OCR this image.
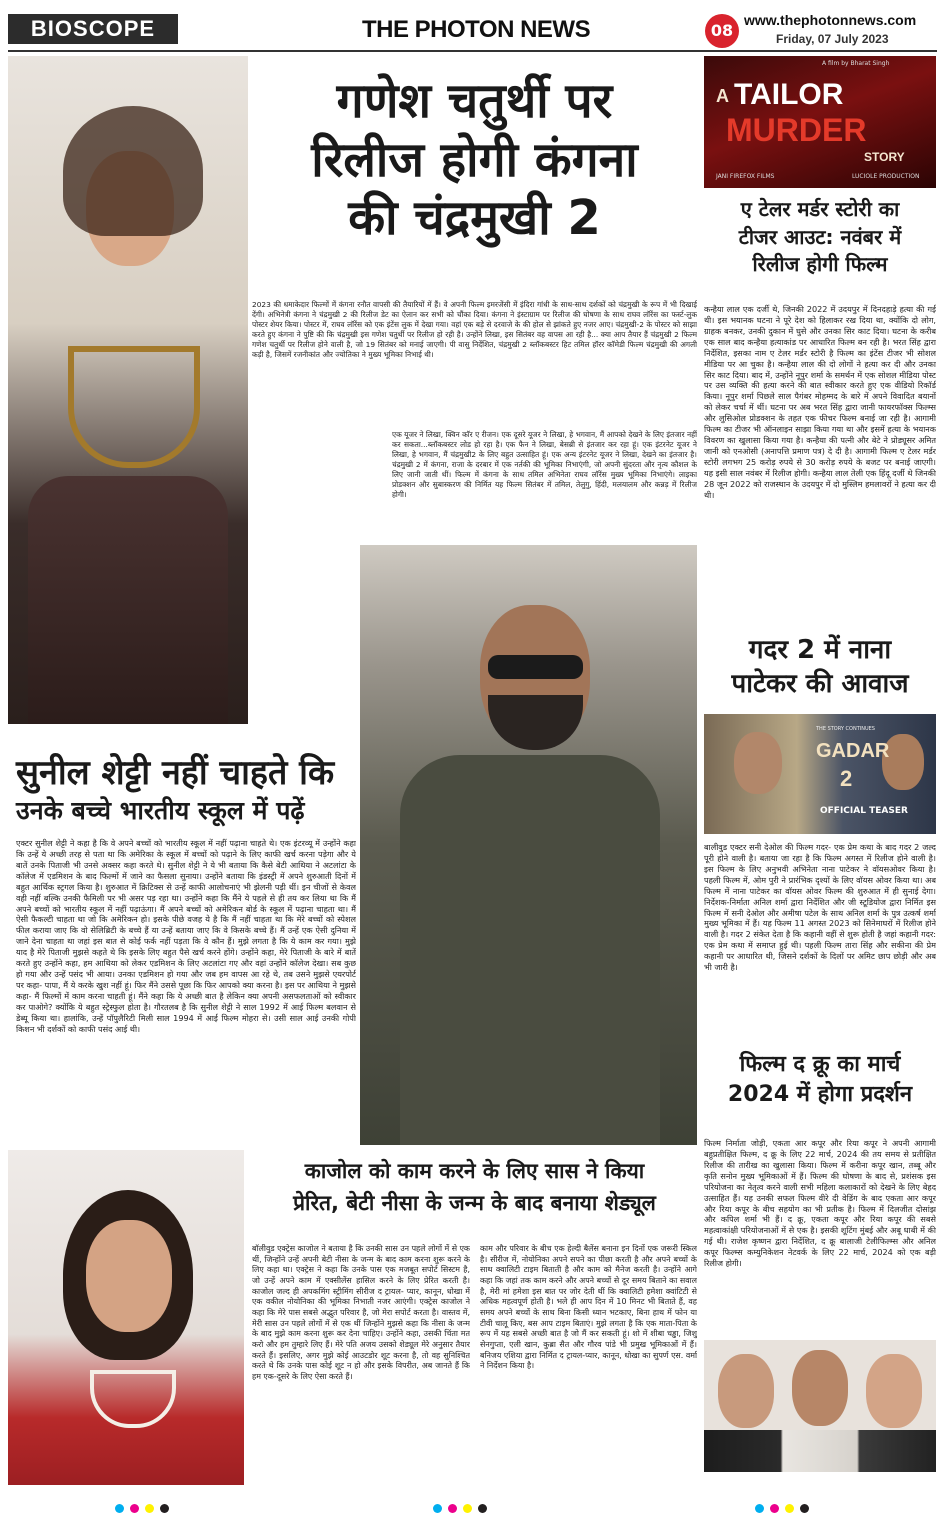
BIOSCOPE	THE PHOTON NEWS	08
www.thephotonnews.com
Friday, 07 July 2023
गणेश चतुर्थी पर
रिलीज होगी कंगना
की चंद्रमुखी 2
2023 की धमाकेदार फिल्मों में कंगना रनौत वापसी की तैयारियों में हैं। वे अपनी फिल्म इमरजेंसी में इंदिरा गांधी के साथ-साथ दर्शकों को चंद्रमुखी के रूप में भी दिखाई देंगी। अभिनेत्री कंगना ने चंद्रमुखी 2 की रिलीज डेट का ऐलान कर सभी को चौंका दिया। कंगना ने इंस्टाग्राम पर रिलीज की घोषणा के साथ राघव लॉरेंस का फर्स्ट-लुक पोस्टर शेयर किया। पोस्टर में, राघव लॉरेंस को एक इंटेंस लुक में देखा गया। वहां एक बड़े से दरवाजे के की होल से झांकते हुए नजर आए। चंद्रमुखी-2 के पोस्टर को साझा करते हुए कंगना ने पुष्टि की कि चंद्रमुखी इस गणेश चतुर्थी पर रिलीज हो रही है। उन्होंने लिखा, इस सितंबर वह वापस आ रही है... क्या आप तैयार हैं चंद्रमुखी 2 फिल्म गणेश चतुर्थी पर रिलीज होने वाली है, जो 19 सितंबर को मनाई जाएगी। पी वासु निर्देशित, चंद्रमुखी 2 ब्लॉकबस्टर हिट तमिल हॉरर कॉमेडी फिल्म चंद्रमुखी की अगली कड़ी है, जिसमें रजनीकांत और ज्योतिका ने मुख्य भूमिका निभाई थी।
एक यूजर ने लिखा, क्विन कॉर ए रीजन। एक दूसरे यूजर ने लिखा, हे भगवान, मैं आपको देखने के लिए इंतजार नहीं कर सकता...ब्लॉकबस्टर लोड हो रहा है। एक फैन ने लिखा, बेसब्री से इंतजार कर रहा हूं। एक इंटरनेट यूजर ने लिखा, हे भगवान, मैं चंद्रमुखी2 के लिए बहुत उत्साहित हूं। एक अन्य इंटरनेट यूजर ने लिखा, देखने का इंतजार है। चंद्रमुखी 2 में कंगना, राजा के दरबार में एक नर्तकी की भूमिका निभाएंगी, जो अपनी सुंदरता और नृत्य कौशल के लिए जानी जाती थीं। फिल्म में कंगना के साथ तमिल अभिनेता राघव लॉरेंस मुख्य भूमिका निभाएंगे। लाइका प्रोडक्शन और सुबास्करण की निर्मित यह फिल्म सितंबर में तमिल, तेलुगु, हिंदी, मलयालम और कन्नड़ में रिलीज होगी।
सुनील शेट्टी नहीं चाहते कि
उनके बच्चे भारतीय स्कूल में पढ़ें
एक्टर सुनील शेट्टी ने कहा है कि वे अपने बच्चों को भारतीय स्कूल में नहीं पढ़ाना चाहते थे। एक इंटरव्यू में उन्होंने कहा कि उन्हें ये अच्छी तरह से पता था कि अमेरिका के स्कूल में बच्चों को पढ़ाने के लिए काफी खर्च करना पड़ेगा और ये बातें उनके पिताजी भी उनसे अक्सर कहा करते थे। सुनील शेट्टी ने ये भी बताया कि कैसे बेटी आथिया ने अटलांटा के कॉलेज में एडमिशन के बाद फिल्मों में जाने का फैसला सुनाया। उन्होंने बताया कि इंडस्ट्री में अपने शुरुआती दिनों में बहुत आर्थिक स्ट्रगल किया है। शुरुआत में क्रिटिक्स से उन्हें काफी आलोचनाएं भी झेलनी पड़ी थीं। इन चीजों से केवल वही नहीं बल्कि उनकी फैमिली पर भी असर पड़ रहा था। उन्होंने कहा कि मैंने ये पहले से ही तय कर लिया था कि मैं अपने बच्चों को भारतीय स्कूल में नहीं पढ़ाऊंगा। मैं अपने बच्चों को अमेरिकन बोर्ड के स्कूल में पढ़ाना चाहता था। मैं ऐसी फैकल्टी चाहता था जो कि अमेरिकन हो। इसके पीछे वजह ये है कि मैं नहीं चाहता था कि मेरे बच्चों को स्पेशल फील कराया जाए कि वो सेलिब्रिटी के बच्चे हैं या उन्हें बताया जाए कि वे किसके बच्चे हैं। मैं उन्हें एक ऐसी दुनिया में जाने देना चाहता था जहां इस बात से कोई फर्क नहीं पड़ता कि वे कौन हैं। मुझे लगता है कि ये काम कर गया। मुझे याद है मेरे पिताजी मुझसे कहते थे कि इसके लिए बहुत पैसे खर्च करने होंगे। उन्होंने कहा, मेरे पिताजी के बारे में बातें करते हुए उन्होंने कहा, हम आथिया को लेकर एडमिशन के लिए अटलांटा गए और वहां उन्होंने कॉलेज देखा। सब कुछ हो गया और उन्हें पसंद भी आया। उनका एडमिशन हो गया और जब हम वापस आ रहे थे, तब उसने मुझसे एयरपोर्ट पर कहा- पापा, मैं ये करके खुश नहीं हूं। फिर मैंने उससे पूछा कि फिर आपको क्या करना है। इस पर आथिया ने मुझसे कहा- मैं फिल्मों में काम करना चाहती हूं। मैंने कहा कि ये अच्छी बात है लेकिन क्या अपनी असफलताओं को स्वीकार कर पाओगे? क्योंकि ये बहुत स्ट्रेस्फुल होता है। गौरतलब है कि सुनील शेट्टी ने साल 1992 में आई फिल्म बलवान से डेब्यू किया था। हालांकि, उन्हें पॉपुलैरिटी मिली साल 1994 में आई फिल्म मोहरा से। उसी साल आई उनकी गोपी किशन भी दर्शकों को काफी पसंद आई थी।
A film by Bharat Singh
A TAILOR
MURDER
STORY
JANI FIREFOX FILMS	LUCIOLE PRODUCTION
ए टेलर मर्डर स्टोरी का
टीजर आउट: नवंबर में
रिलीज होगी फिल्म
कन्हैया लाल एक दर्जी थे, जिनकी 2022 में उदयपुर में दिनदहाड़े हत्या की गई थी। इस भयानक घटना ने पूरे देश को हिलाकर रख दिया था, क्योंकि दो लोग, ग्राहक बनकर, उनकी दुकान में घुसे और उनका सिर काट दिया। घटना के करीब एक साल बाद कन्हैया हत्याकांड पर आधारित फिल्म बन रही है। भरत सिंह द्वारा निर्देशित, इसका नाम ए टेलर मर्डर स्टोरी है फिल्म का इंटेंस टीजर भी सोशल मीडिया पर आ चुका है। कन्हैया लाल की दो लोगों ने हत्या कर दी और उनका सिर काट दिया। बाद में, उन्होंने नूपुर शर्मा के समर्थन में एक सोशल मीडिया पोस्ट पर उस व्यक्ति की हत्या करने की बात स्वीकार करते हुए एक वीडियो रिकॉर्ड किया। नूपुर शर्मा पिछले साल पैगंबर मोहम्मद के बारे में अपने विवादित बयानों को लेकर चर्चा में थीं। घटना पर अब भरत सिंह द्वारा जानी फायरफॉक्स फिल्म्स और लुसिओल प्रोडक्शन के तहत एक फीचर फिल्म बनाई जा रही है। आगामी फिल्म का टीजर भी ऑनलाइन साझा किया गया था और इसमें हत्या के भयानक विवरण का खुलासा किया गया है। कन्हैया की पत्नी और बेटे ने प्रोड्यूसर अमित जानी को एनओसी (अनापत्ति प्रमाण पत्र) दे दी है। आगामी फिल्म ए टेलर मर्डर स्टोरी लगभग 25 करोड़ रुपये से 30 करोड़ रुपये के बजट पर बनाई जाएगी। यह इसी साल नवंबर में रिलीज होगी। कन्हैया लाल तेली एक हिंदू दर्जी थे जिनकी 28 जून 2022 को राजस्थान के उदयपुर में दो मुस्लिम हमलावरों ने हत्या कर दी थी।
गदर 2 में नाना
पाटेकर की आवाज
THE STORY CONTINUES
GADAR
2
OFFICIAL TEASER
बालीवुड एक्टर सनी देओल की फिल्म गदर- एक प्रेम कथा के बाद गदर 2 जल्द पूरी होने वाली है। बताया जा रहा है कि फिल्म अगस्त में रिलीज होने वाली है। इस फिल्म के लिए अनुभवी अभिनेता नाना पाटेकर ने वॉयसओवर किया है। पहली फिल्म में, ओम पुरी ने प्रारंभिक दृश्यों के लिए वॉयस ओवर किया था। अब फिल्म में नाना पाटेकर का वॉयस ओवर फिल्म की शुरुआत में ही सुनाई देगा। निर्देशक-निर्माता अनिल शर्मा द्वारा निर्देशित और जी स्टूडियोज द्वारा निर्मित इस फिल्म में सनी देओल और अमीषा पटेल के साथ अनिल शर्मा के पुत्र उत्कर्ष शर्मा मुख्य भूमिका में हैं। यह फिल्म 11 अगस्त 2023 को सिनेमाघरों में रिलीज होने वाली है। गदर 2 संकेत देता है कि कहानी वहीं से शुरू होती है जहां कहानी गदर: एक प्रेम कथा में समाप्त हुई थी। पहली फिल्म तारा सिंह और सकीना की प्रेम कहानी पर आधारित थी, जिसने दर्शकों के दिलों पर अमिट छाप छोड़ी और अब भी जारी है।
फिल्म द क्रू का मार्च
2024 में होगा प्रदर्शन
फिल्म निर्माता जोड़ी, एकता आर कपूर और रिया कपूर ने अपनी आगामी बहुप्रतीक्षित फिल्म, द क्रू के लिए 22 मार्च, 2024 की तय समय से प्रतीक्षित रिलीज की तारीख का खुलासा किया। फिल्म में करीना कपूर खान, तब्बू और कृति सनोन मुख्य भूमिकाओं में हैं। फिल्म की घोषणा के बाद से, प्रशंसक इस परियोजना का नेतृत्व करने वाली सभी महिला कलाकारों को देखने के लिए बेहद उत्साहित हैं। यह उनकी सफल फिल्म वीरे दी वेडिंग के बाद एकता आर कपूर और रिया कपूर के बीच सहयोग का भी प्रतीक है। फिल्म में दिलजीत दोसांझ और कपिल शर्मा भी हैं। द क्रू, एकता कपूर और रिया कपूर की सबसे महत्वाकांक्षी परियोजनाओं में से एक है। इसकी शूटिंग मुंबई और अबू धाबी में की गई थी। राजेश कृष्णन द्वारा निर्देशित, द क्रू बालाजी टेलीफिल्म्स और अनिल कपूर फिल्म्स कम्युनिकेशन नेटवर्क के लिए 22 मार्च, 2024 को एक बड़ी रिलीज होगी।
काजोल को काम करने के लिए सास ने किया
प्रेरित, बेटी नीसा के जन्म के बाद बनाया शेड्यूल
बॉलीवुड एक्ट्रेस काजोल ने बताया है कि उनकी सास उन पहले लोगों में से एक थीं, जिन्होंने उन्हें अपनी बेटी नीसा के जन्म के बाद काम करना शुरू करने के लिए कहा था। एक्ट्रेस ने कहा कि उनके पास एक मजबूत सपोर्ट सिस्टम है, जो उन्हें अपने काम में एक्सीलेंस हासिल करने के लिए प्रेरित करती है। काजोल जल्द ही अपकमिंग स्ट्रीमिंग सीरीज द ट्रायल- प्यार, कानून, धोखा में एक वकील नोयोनिका की भूमिका निभाती नजर आएंगी। एक्ट्रेस काजोल ने कहा कि मेरे पास सबसे अद्भुत परिवार है, जो मेरा सपोर्ट करता है। वास्तव में, मेरी सास उन पहले लोगों में से एक थीं जिन्होंने मुझसे कहा कि नीसा के जन्म के बाद मुझे काम करना शुरू कर देना चाहिए। उन्होंने कहा, उसकी चिंता मत करो और हम तुम्हारे लिए हैं। मेरे पति अजय उसको शेड्यूल मेरे अनुसार तैयार करते हैं। इसलिए, अगर मुझे कोई आउटडोर शूट करना है, तो वह सुनिश्चित करते थे कि उनके पास कोई शूट न हो और इसके विपरीत, अब जानते हैं कि हम एक-दूसरे के लिए ऐसा करते हैं।
काम और परिवार के बीच एक हेल्दी बैलेंस बनाना इन दिनों एक जरूरी स्किल है। सीरीज में, नोयोनिका अपने सपने का पीछा करती है और अपने बच्चों के साथ क्वालिटी टाइम बिताती है और काम को मैनेज करती है। उन्होंने आगे कहा कि जहां तक काम करने और अपने बच्चों से दूर समय बिताने का सवाल है, मेरी मां हमेशा इस बात पर जोर देती थीं कि क्वालिटी हमेशा क्वांटिटी से अधिक महत्वपूर्ण होती है। भले ही आप दिन में 10 मिनट भी बिताते हैं, वह समय अपने बच्चों के साथ बिना किसी ध्यान भटकाए, बिना हाथ में फोन या टीवी चालू किए, बस आप टाइम बिताएं। मुझे लगता है कि एक माता-पिता के रूप में यह सबसे अच्छी बात है जो मैं कर सकती हूं। शो में शीबा चड्ढा, जिशु सेनगुप्ता, एली खान, कुब्रा सैत और गौरव पांडे भी प्रमुख भूमिकाओं में हैं। बनिजय एशिया द्वारा निर्मित द ट्रायल-प्यार, कानून, धोखा का सुपर्ण एस. वर्मा ने निर्देशन किया है।
